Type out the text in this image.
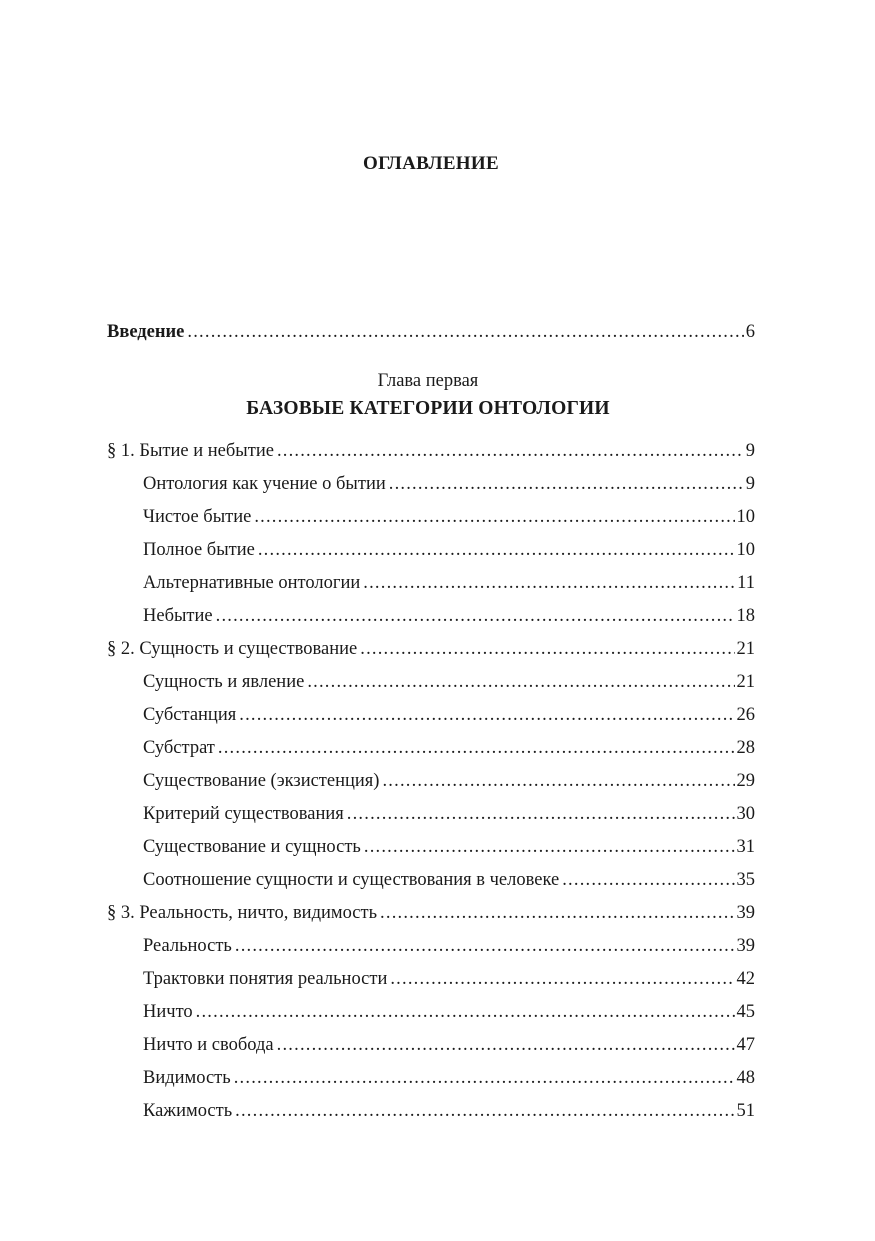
ОГЛАВЛЕНИЕ
Введение .....	6
Глава первая
БАЗОВЫЕ КАТЕГОРИИ ОНТОЛОГИИ
§ 1. Бытие и небытие .....	9
Онтология как учение о бытии .....	9
Чистое бытие .....	10
Полное бытие .....	10
Альтернативные онтологии .....	11
Небытие .....	18
§ 2. Сущность и существование .....	21
Сущность и явление .....	21
Субстанция .....	26
Субстрат .....	28
Существование (экзистенция) .....	29
Критерий существования .....	30
Существование и сущность .....	31
Соотношение сущности и существования в человеке .....	35
§ 3. Реальность, ничто, видимость .....	39
Реальность .....	39
Трактовки понятия реальности .....	42
Ничто .....	45
Ничто и свобода .....	47
Видимость .....	48
Кажимость .....	51
